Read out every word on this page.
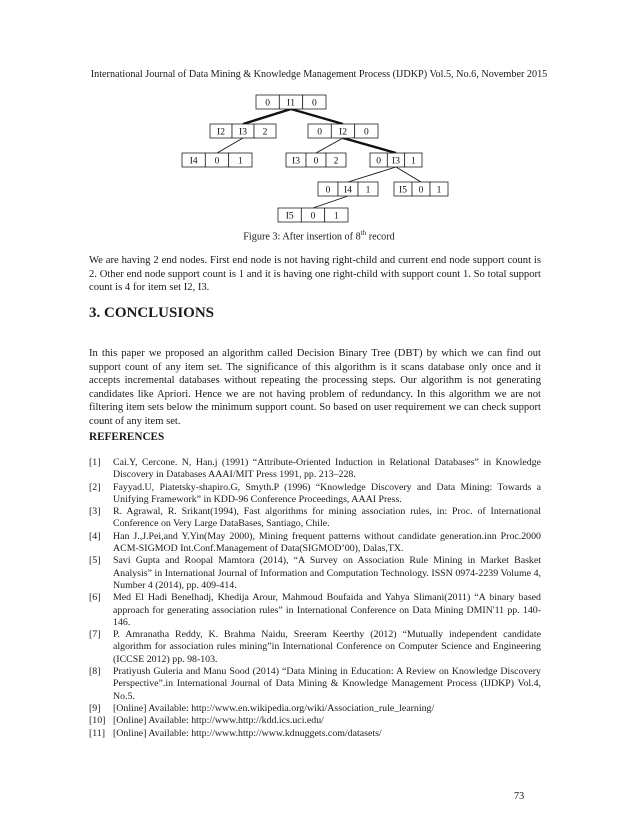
International Journal of Data Mining & Knowledge Management Process (IJDKP) Vol.5, No.6, November 2015
0 I1 0
I2 I3 2	0 I2 0
I4 0 1	I3 0 2	0 I3 1
0 I4 1	I5 0 1
I5 0 1
Figure 3: After insertion of 8th record

We are having 2 end nodes. First end node is not having right-child and current end node support count is 2. Other end node support count is 1 and it is having one right-child with support count 1. So total support count is 4 for item set I2, I3.

3. CONCLUSIONS

In this paper we proposed an algorithm called Decision Binary Tree (DBT) by which we can find out support count of any item set. The significance of this algorithm is it scans database only once and it accepts incremental databases without repeating the processing steps. Our algorithm is not generating candidates like Apriori. Hence we are not having problem of redundancy. In this algorithm we are not filtering item sets below the minimum support count. So based on user requirement we can check support count of any item set.

REFERENCES
[1]	Cai.Y, Cercone. N, Han.j (1991) “Attribute-Oriented Induction in Relational Databases” in Knowledge Discovery in Databases AAAI/MIT Press 1991, pp. 213–228.
[2]	Fayyad.U, Piatetsky-shapiro.G, Smyth.P (1996) “Knowledge Discovery and Data Mining: Towards a Unifying Framework” in KDD-96 Conference Proceedings, AAAI Press.
[3]	R. Agrawal, R. Srikant(1994), Fast algorithms for mining association rules, in: Proc. of International Conference on Very Large DataBases, Santiago, Chile.
[4]	Han J.,J.Pei,and Y.Yin(May 2000), Mining frequent patterns without candidate generation.inn Proc.2000 ACM-SIGMOD Int.Conf.Management of Data(SIGMOD’00), Dalas,TX.
[5]	Savi Gupta and Roopal Mamtora (2014), “A Survey on Association Rule Mining in Market Basket Analysis” in International Journal of Information and Computation Technology. ISSN 0974-2239 Volume 4, Number 4 (2014), pp. 409-414.
[6]	Med El Hadi Benelhadj, Khedija Arour, Mahmoud Boufaida and Yahya Slimani(2011) “A binary based approach for generating association rules” in International Conference on Data Mining DMIN'11 pp. 140-146.
[7]	P. Amranatha Reddy, K. Brahma Naidu, Sreeram Keerthy (2012) “Mutually independent candidate algorithm for association rules mining”in International Conference on Computer Science and Engineering (ICCSE 2012) pp. 98-103.
[8]	Pratiyush Guleria and Manu Sood (2014) “Data Mining in Education: A Review on Knowledge Discovery Perspective”.in International Journal of Data Mining & Knowledge Management Process (IJDKP) Vol.4, No.5.
[9]	[Online] Available: http://www.en.wikipedia.org/wiki/Association_rule_learning/
[10] [Online] Available: http://www.http://kdd.ics.uci.edu/
[11] [Online] Available: http://www.http://www.kdnuggets.com/datasets/
73
